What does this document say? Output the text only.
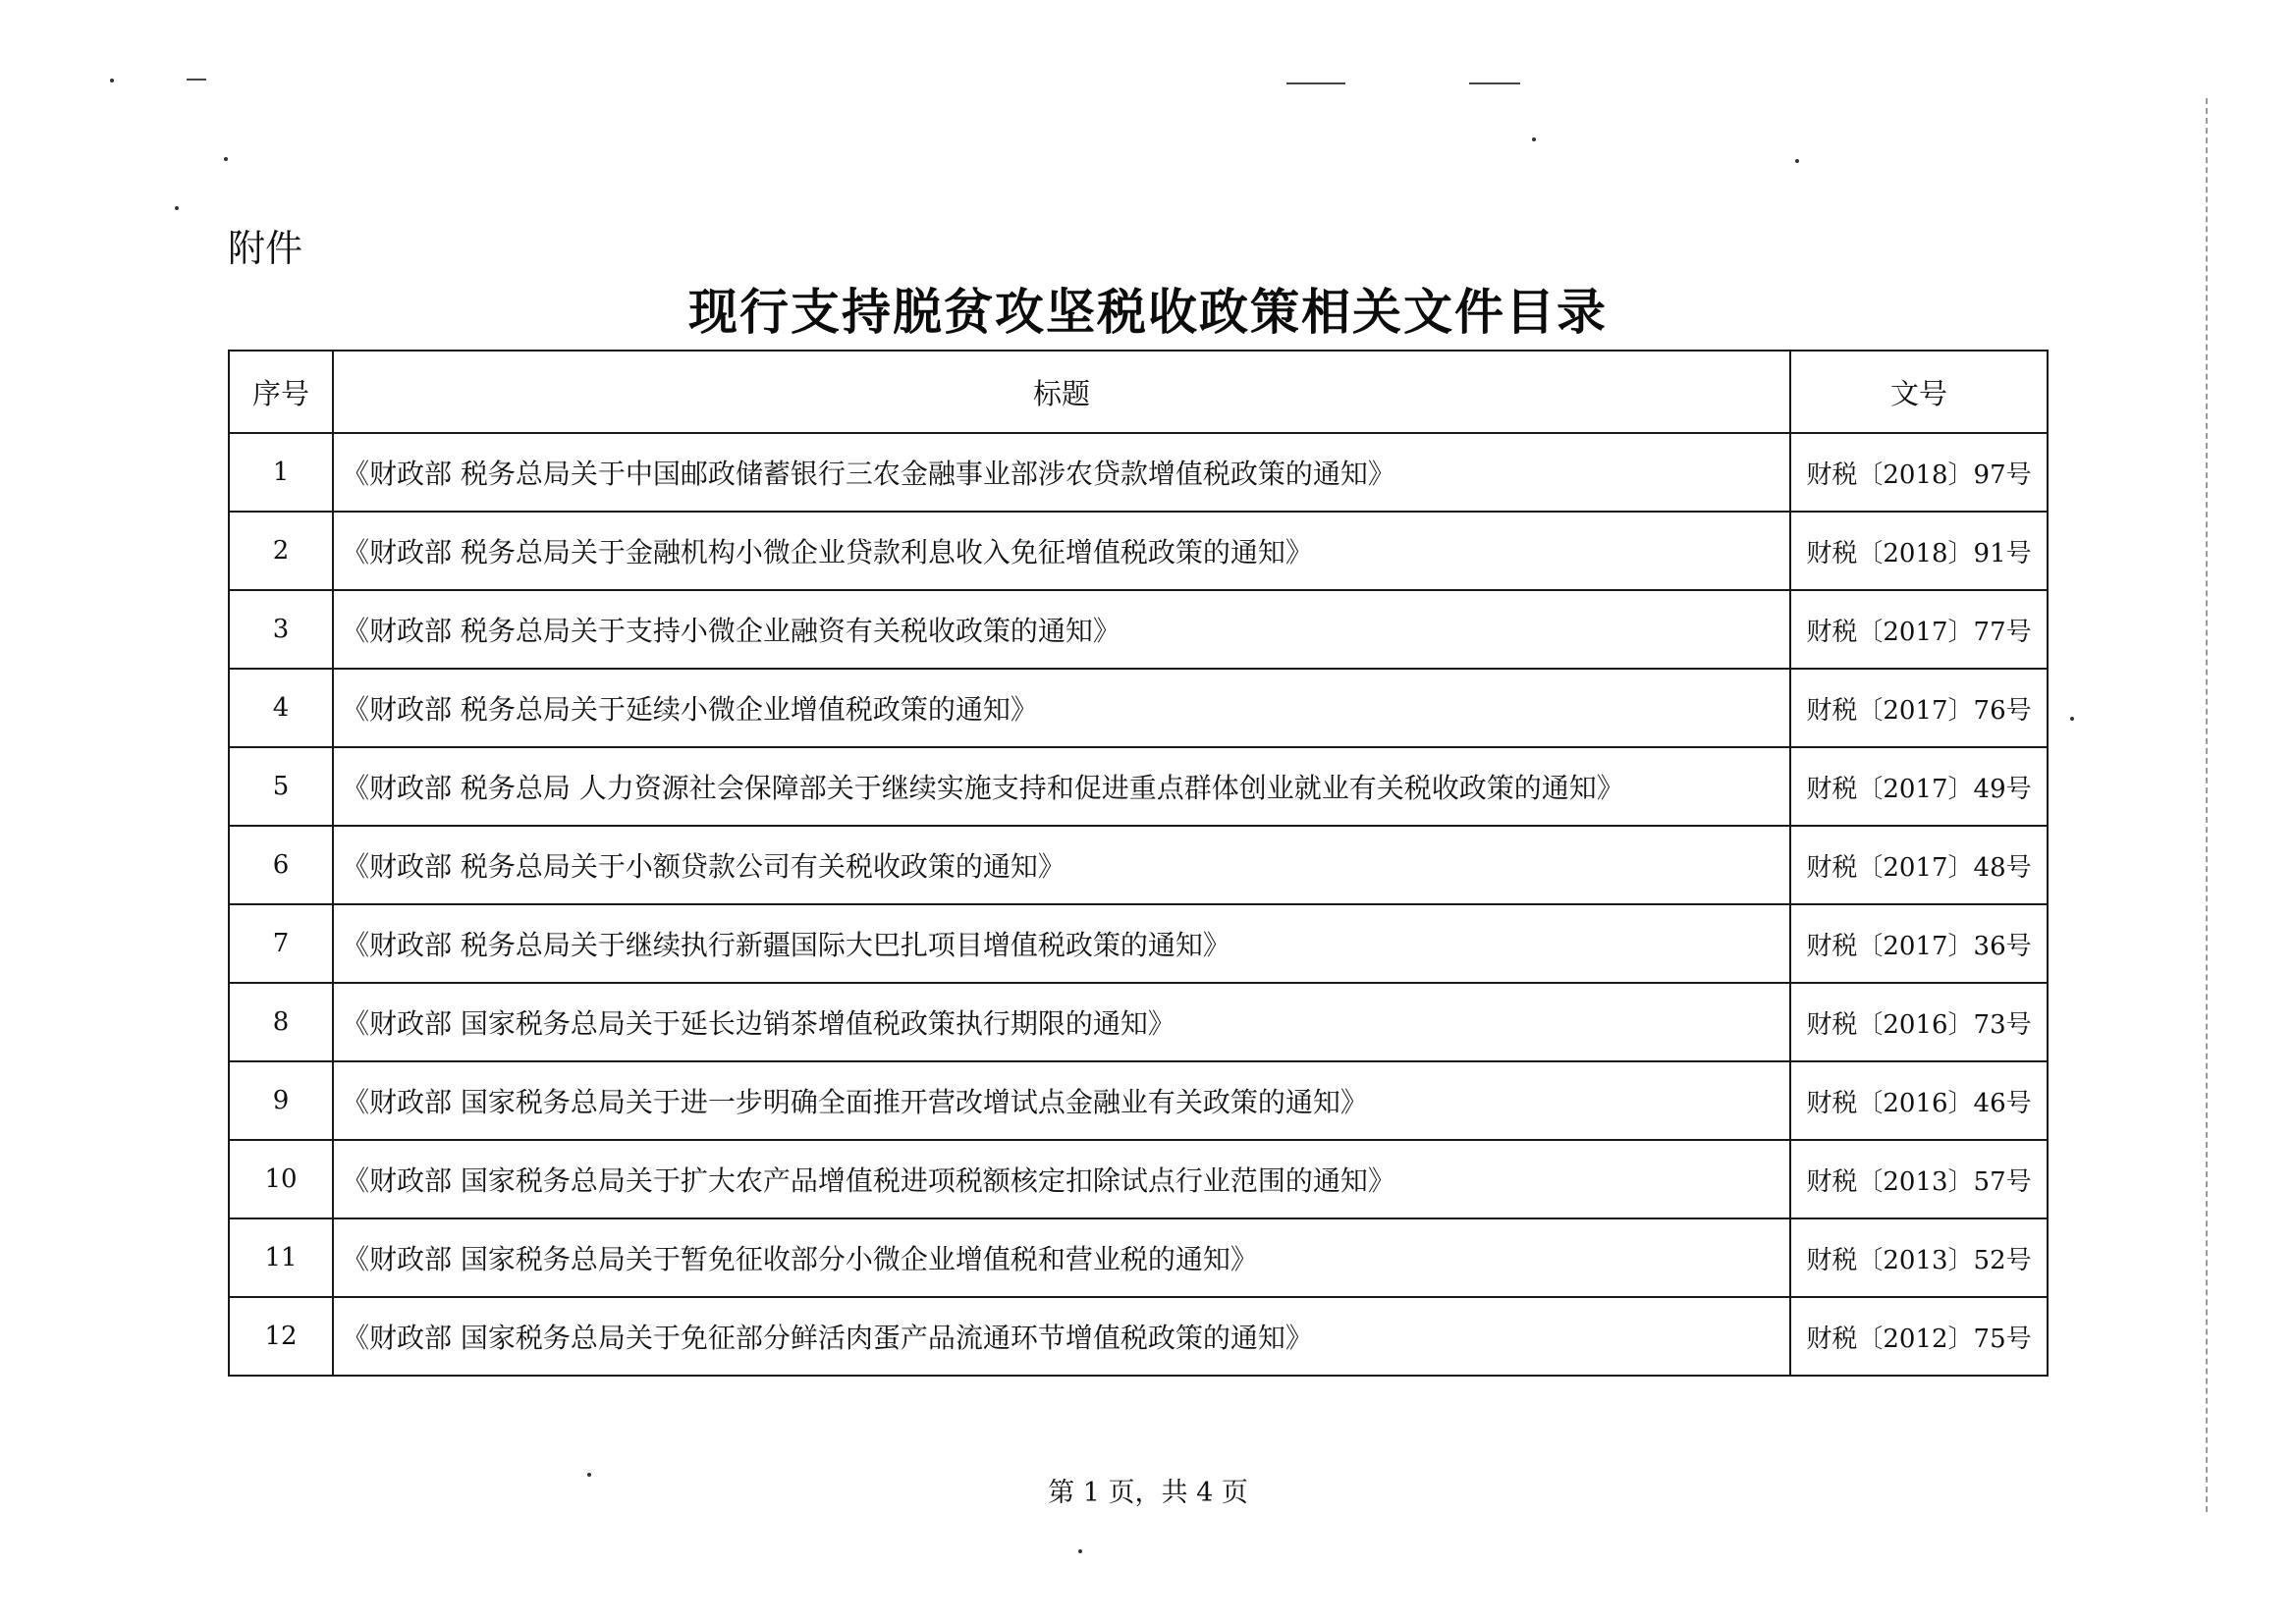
附件
现行支持脱贫攻坚税收政策相关文件目录
序号	标题	文号
1	《财政部 税务总局关于中国邮政储蓄银行三农金融事业部涉农贷款增值税政策的通知》	财税〔2018〕97号
2	《财政部 税务总局关于金融机构小微企业贷款利息收入免征增值税政策的通知》	财税〔2018〕91号
3	《财政部 税务总局关于支持小微企业融资有关税收政策的通知》	财税〔2017〕77号
4	《财政部 税务总局关于延续小微企业增值税政策的通知》	财税〔2017〕76号
5	《财政部 税务总局 人力资源社会保障部关于继续实施支持和促进重点群体创业就业有关税收政策的通知》	财税〔2017〕49号
6	《财政部 税务总局关于小额贷款公司有关税收政策的通知》	财税〔2017〕48号
7	《财政部 税务总局关于继续执行新疆国际大巴扎项目增值税政策的通知》	财税〔2017〕36号
8	《财政部 国家税务总局关于延长边销茶增值税政策执行期限的通知》	财税〔2016〕73号
9	《财政部 国家税务总局关于进一步明确全面推开营改增试点金融业有关政策的通知》	财税〔2016〕46号
10	《财政部 国家税务总局关于扩大农产品增值税进项税额核定扣除试点行业范围的通知》	财税〔2013〕57号
11	《财政部 国家税务总局关于暂免征收部分小微企业增值税和营业税的通知》	财税〔2013〕52号
12	《财政部 国家税务总局关于免征部分鲜活肉蛋产品流通环节增值税政策的通知》	财税〔2012〕75号
第 1 页，共 4 页
